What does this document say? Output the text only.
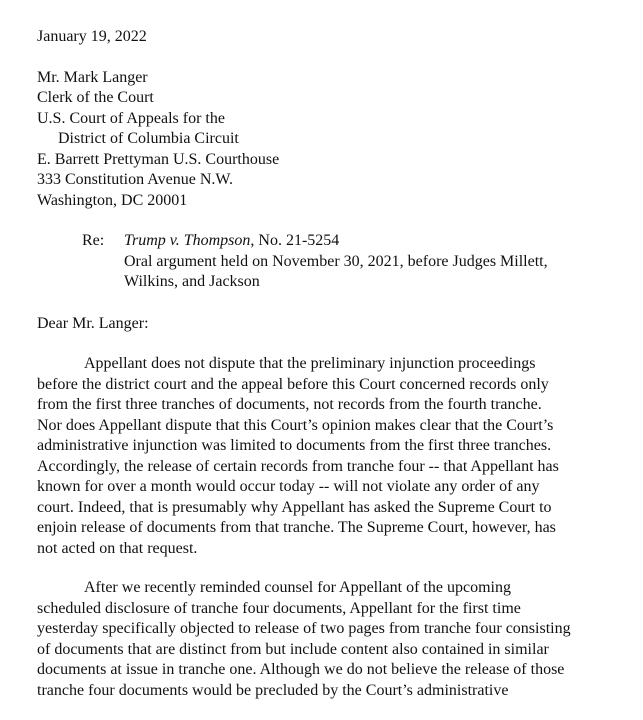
January 19, 2022
Mr. Mark Langer
Clerk of the Court
U.S. Court of Appeals for the
District of Columbia Circuit
E. Barrett Prettyman U.S. Courthouse
333 Constitution Avenue N.W.
Washington, DC 20001
Re:	Trump v. Thompson, No. 21-5254
Oral argument held on November 30, 2021, before Judges Millett,
Wilkins, and Jackson
Dear Mr. Langer:
Appellant does not dispute that the preliminary injunction proceedings
before the district court and the appeal before this Court concerned records only
from the first three tranches of documents, not records from the fourth tranche.
Nor does Appellant dispute that this Court’s opinion makes clear that the Court’s
administrative injunction was limited to documents from the first three tranches.
Accordingly, the release of certain records from tranche four -- that Appellant has
known for over a month would occur today -- will not violate any order of any
court. Indeed, that is presumably why Appellant has asked the Supreme Court to
enjoin release of documents from that tranche. The Supreme Court, however, has
not acted on that request.
After we recently reminded counsel for Appellant of the upcoming
scheduled disclosure of tranche four documents, Appellant for the first time
yesterday specifically objected to release of two pages from tranche four consisting
of documents that are distinct from but include content also contained in similar
documents at issue in tranche one. Although we do not believe the release of those
tranche four documents would be precluded by the Court’s administrative
